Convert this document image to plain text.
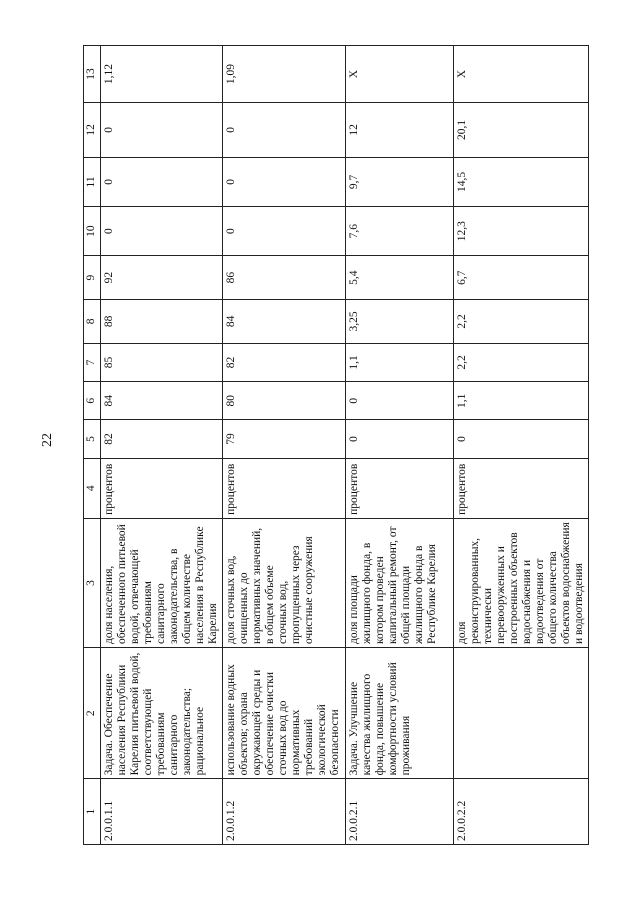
22
1	2	3	4	5	6	7	8	9	10	11	12	13
2.0.0.1.1	Задача. Обеспечение населения Республики Карелия питьевой водой, соответствующей требованиям санитарного законодательства; рациональное	доля населения, обеспеченного питьевой водой, отвечающей требованиям санитарного законодательства, в общем количестве населения в Республике Карелия	процентов	82	84	85	88	92	0	0	0	1,12
2.0.0.1.2	использование водных объектов; охрана окружающей среды и обеспечение очистки сточных вод до нормативных требований экологической безопасности	доля сточных вод, очищенных до нормативных значений, в общем объеме сточных вод, пропущенных через очистные сооружения	процентов	79	80	82	84	86	0	0	0	1,09
2.0.0.2.1	Задача. Улучшение качества жилищного фонда, повышение комфортности условий проживания	доля площади жилищного фонда, в котором проведен капитальный ремонт, от общей площади жилищного фонда в Республике Карелия	процентов	0	0	1,1	3,25	5,4	7,6	9,7	12	Х
2.0.0.2.2		доля реконструированных, технически перевооруженных и построенных объектов водоснабжения и водоотведения от общего количества объектов водоснабжения и водоотведения	процентов	0	1,1	2,2	2,2	6,7	12,3	14,5	20,1	Х
